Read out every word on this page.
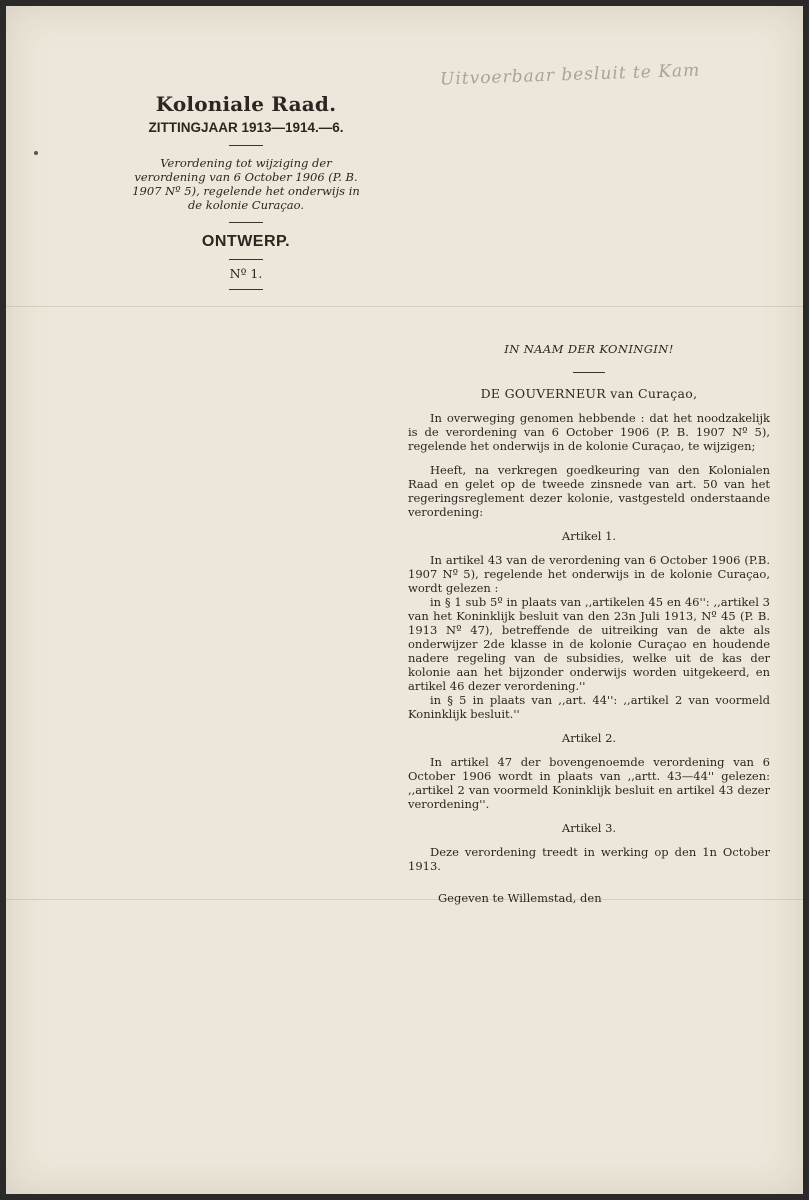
Uitvoerbaar besluit te Kam
Koloniale Raad.
ZITTINGJAAR 1913—1914.—6.
Verordening tot wijziging der verordening van 6 October 1906 (P. B. 1907 Nº 5), regelende het onderwijs in de kolonie Curaçao.
ONTWERP.
Nº 1.
IN NAAM DER KONINGIN!
DE GOUVERNEUR van Curaçao,

In overweging genomen hebbende : dat het noodzakelijk is de verordening van 6 October 1906 (P. B. 1907 Nº 5), regelende het onderwijs in de kolonie Curaçao, te wijzigen;

Heeft, na verkregen goedkeuring van den Kolonialen Raad en gelet op de tweede zinsnede van art. 50 van het regeringsreglement dezer kolonie, vastgesteld onderstaande verordening:

Artikel 1.

In artikel 43 van de verordening van 6 October 1906 (P.B. 1907 Nº 5), regelende het onderwijs in de kolonie Curaçao, wordt gelezen :

in § 1 sub 5º in plaats van ,,artikelen 45 en 46'': ,,artikel 3 van het Koninklijk besluit van den 23n Juli 1913, Nº 45 (P. B. 1913 Nº 47), betreffende de uitreiking van de akte als onderwijzer 2de klasse in de kolonie Curaçao en houdende nadere regeling van de subsidies, welke uit de kas der kolonie aan het bijzonder onderwijs worden uitgekeerd, en artikel 46 dezer verordening.''

in § 5 in plaats van ,,art. 44'': ,,artikel 2 van voormeld Koninklijk besluit.''

Artikel 2.

In artikel 47 der bovengenoemde verordening van 6 October 1906 wordt in plaats van ,,artt. 43—44'' gelezen: ,,artikel 2 van voormeld Koninklijk besluit en artikel 43 dezer verordening''.

Artikel 3.

Deze verordening treedt in werking op den 1n October 1913.

Gegeven te Willemstad, den
